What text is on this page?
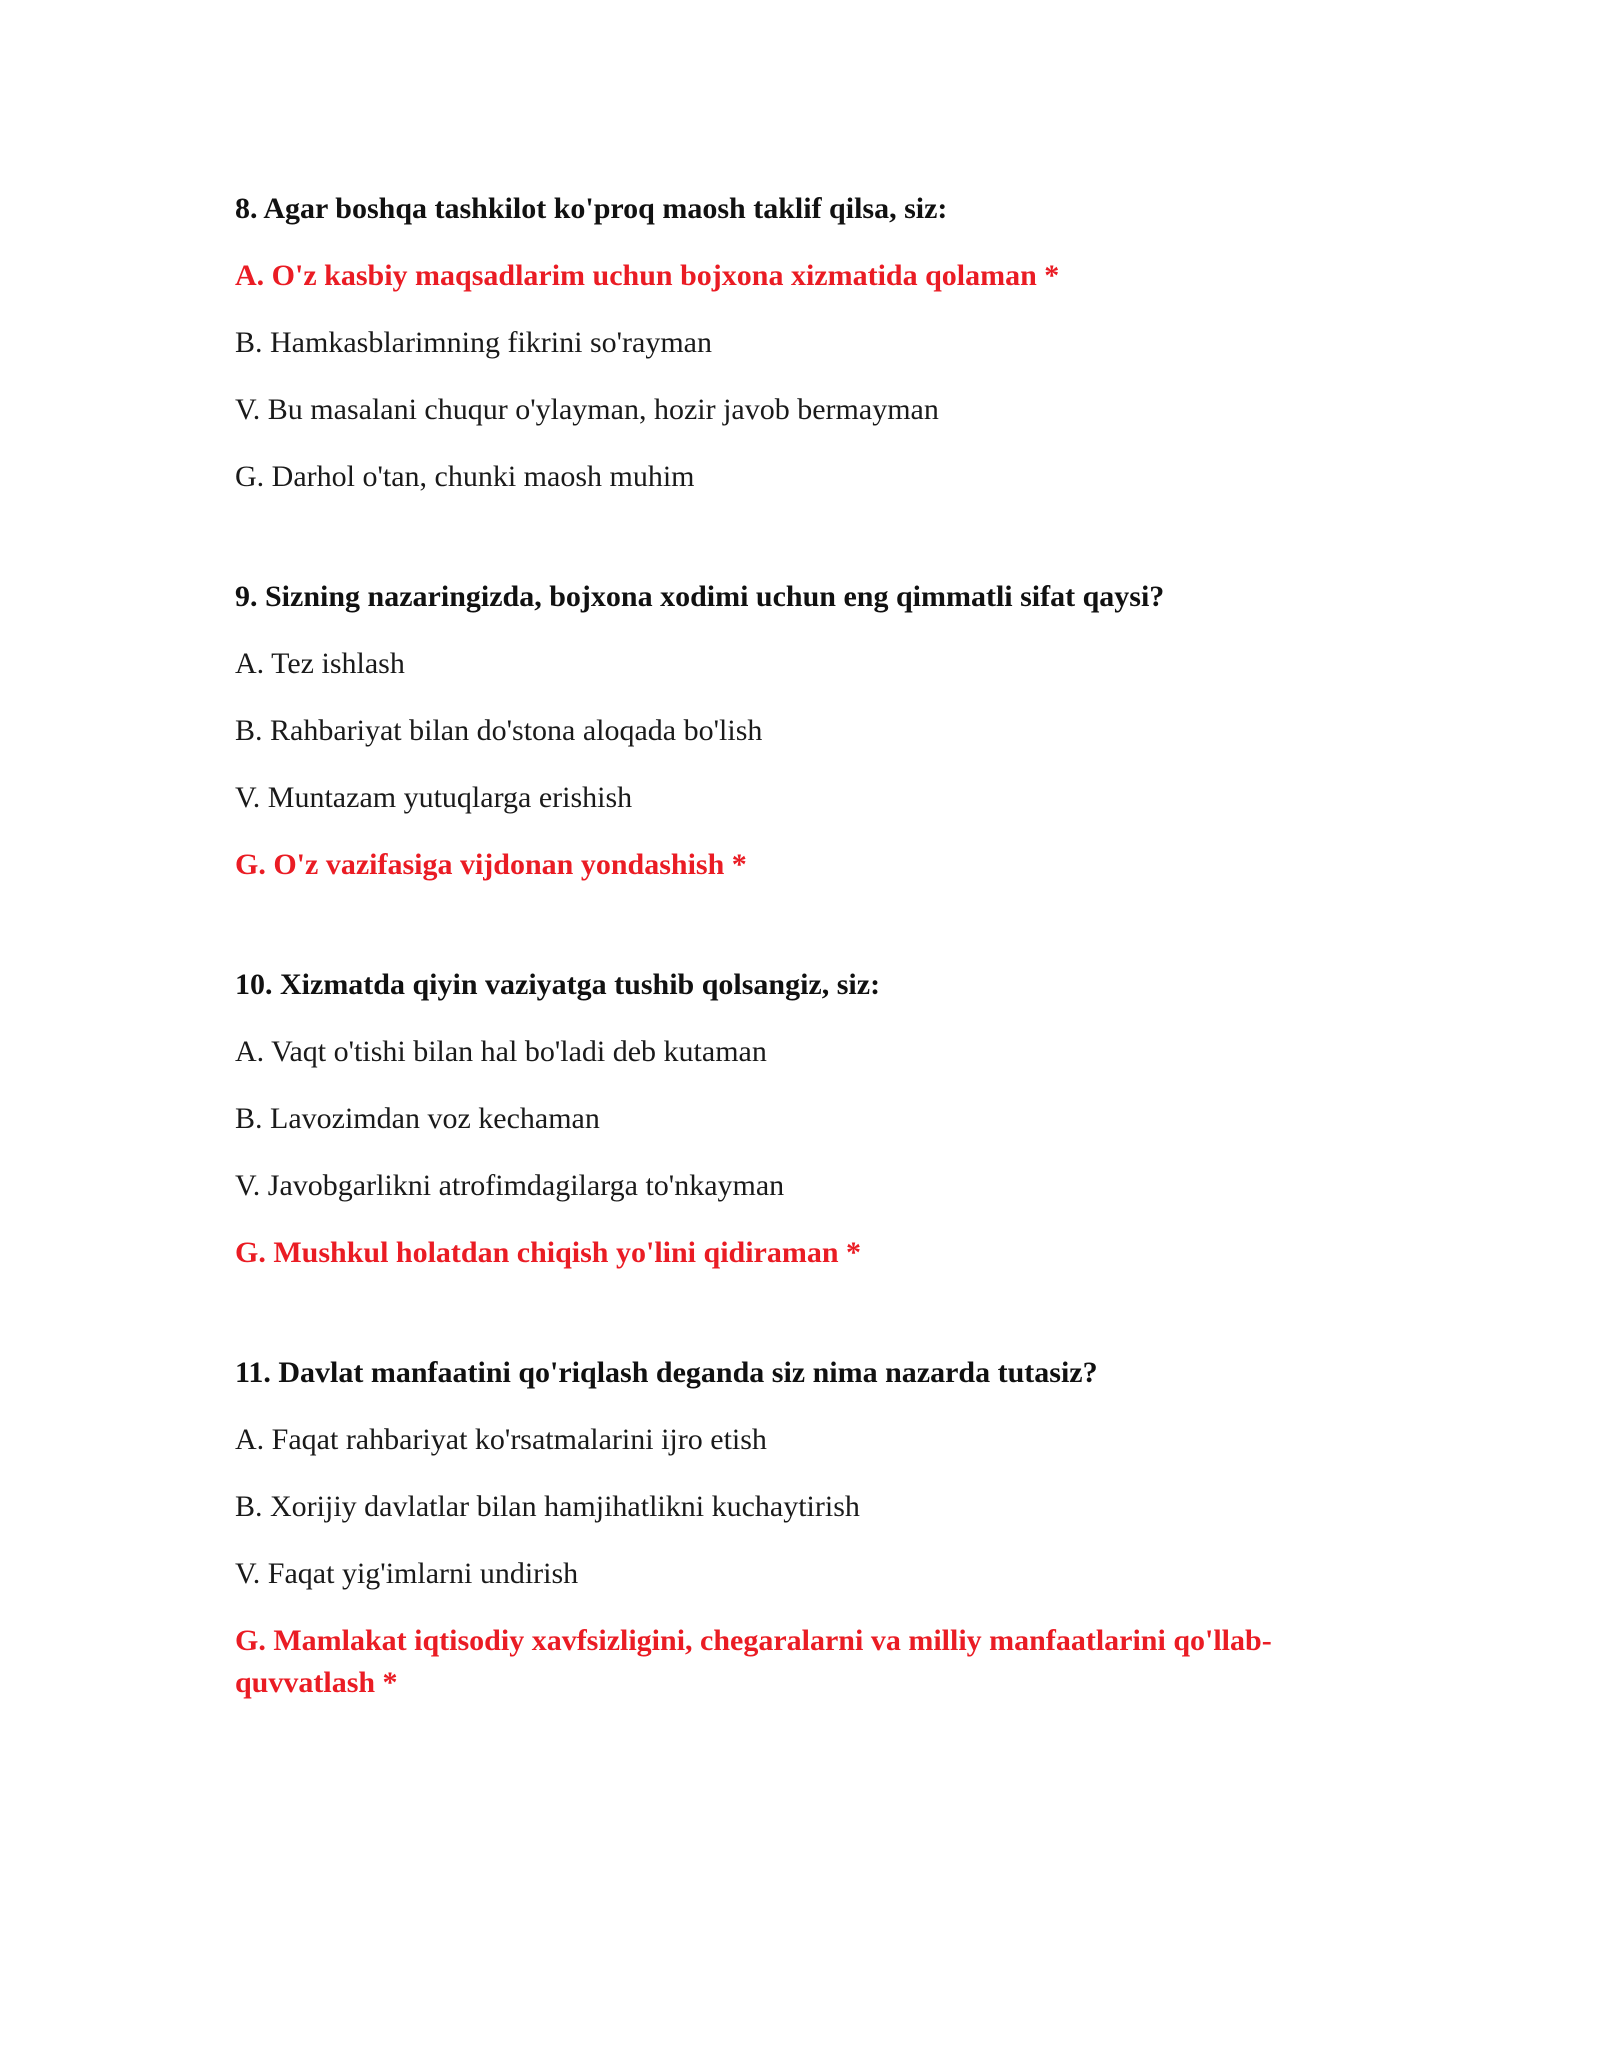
8. Agar boshqa tashkilot ko'proq maosh taklif qilsa, siz:
A. O'z kasbiy maqsadlarim uchun bojxona xizmatida qolaman *
B. Hamkasblarimning fikrini so'rayman
V. Bu masalani chuqur o'ylayman, hozir javob bermayman
G. Darhol o'tan, chunki maosh muhim
9. Sizning nazaringizda, bojxona xodimi uchun eng qimmatli sifat qaysi?
A. Tez ishlash
B. Rahbariyat bilan do'stona aloqada bo'lish
V. Muntazam yutuqlarga erishish
G. O'z vazifasiga vijdonan yondashish *
10. Xizmatda qiyin vaziyatga tushib qolsangiz, siz:
A. Vaqt o'tishi bilan hal bo'ladi deb kutaman
B. Lavozimdan voz kechaman
V. Javobgarlikni atrofimdagilarga to'nkayman
G. Mushkul holatdan chiqish yo'lini qidiraman *
11. Davlat manfaatini qo'riqlash deganda siz nima nazarda tutasiz?
A. Faqat rahbariyat ko'rsatmalarini ijro etish
B. Xorijiy davlatlar bilan hamjihatlikni kuchaytirish
V. Faqat yig'imlarni undirish
G. Mamlakat iqtisodiy xavfsizligini, chegaralarni va milliy manfaatlarini qo'llab-quvvatlash *
